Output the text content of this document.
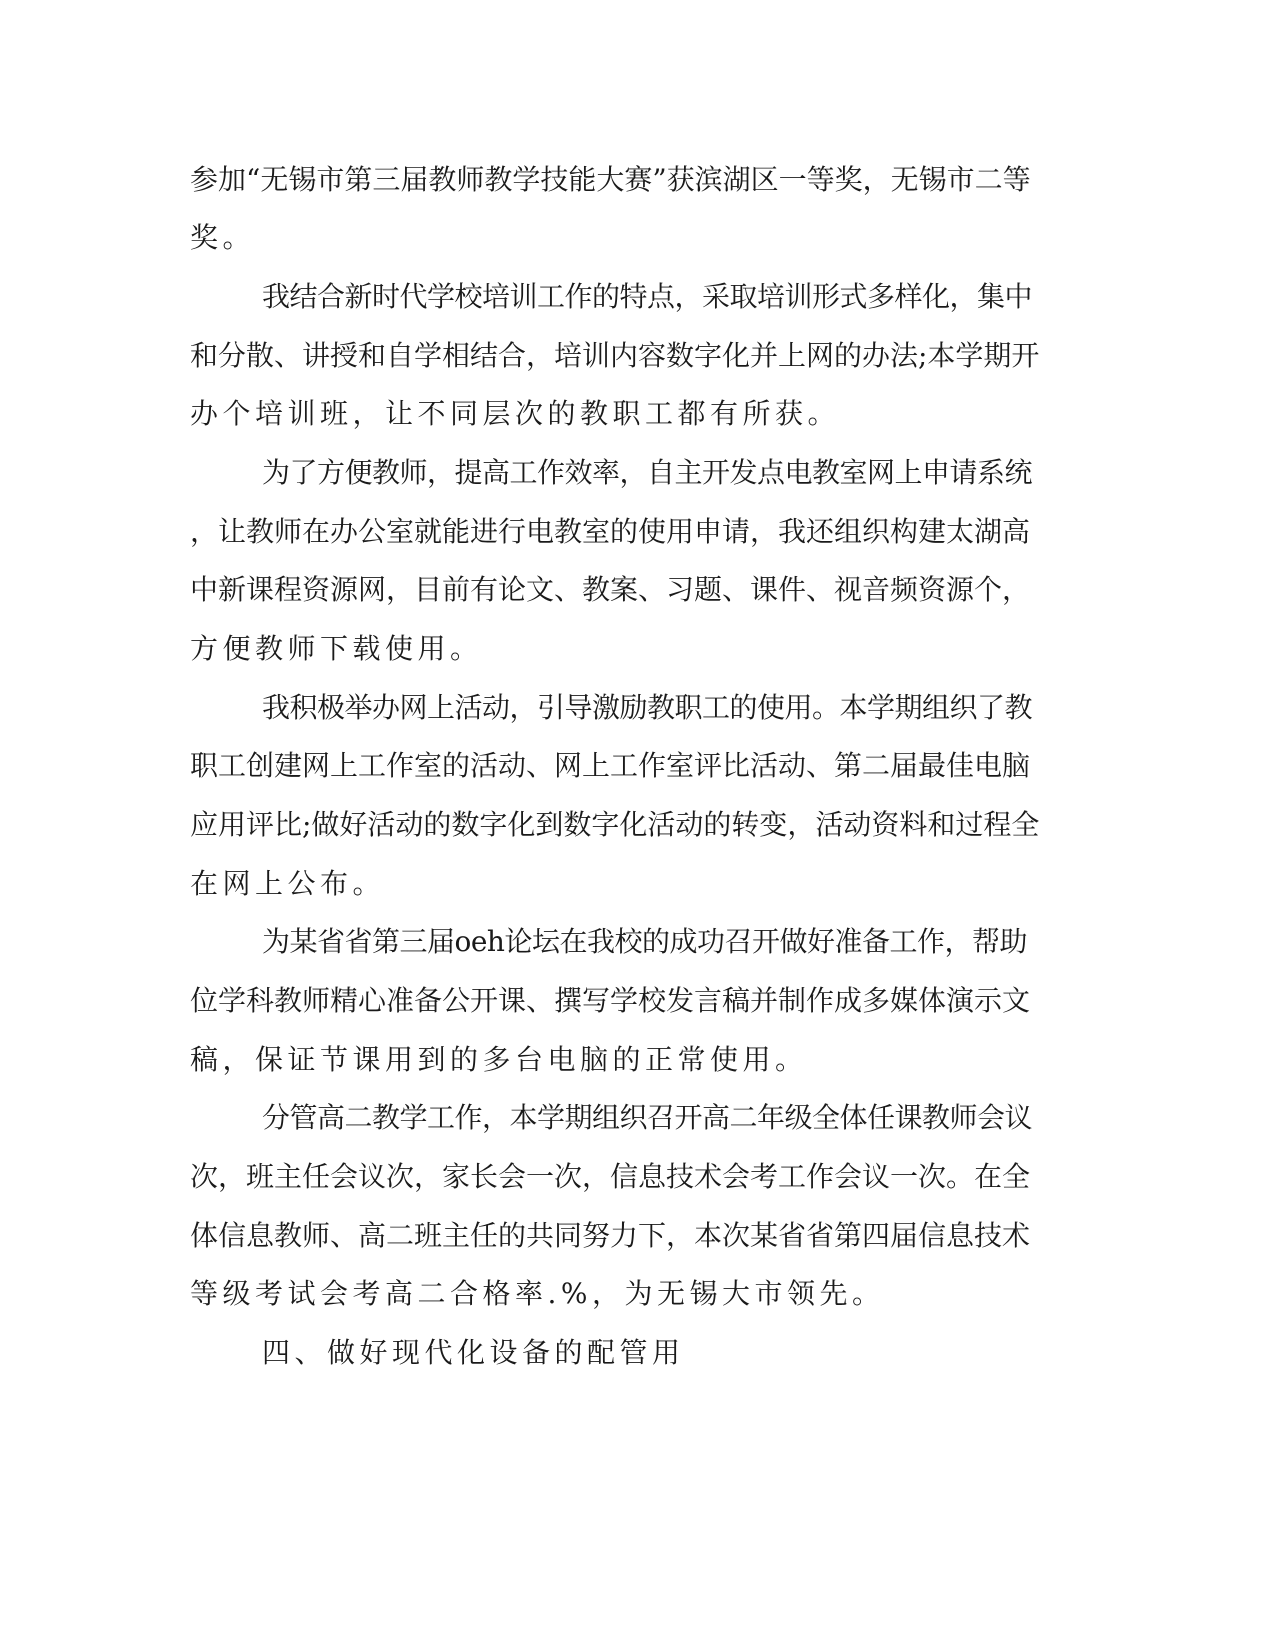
参加“无锡市第三届教师教学技能大赛”获滨湖区一等奖，无锡市二等
奖。
我结合新时代学校培训工作的特点，采取培训形式多样化，集中
和分散、讲授和自学相结合，培训内容数字化并上网的办法;本学期开
办个培训班，让不同层次的教职工都有所获。
为了方便教师，提高工作效率，自主开发点电教室网上申请系统
，让教师在办公室就能进行电教室的使用申请，我还组织构建太湖高
中新课程资源网，目前有论文、教案、习题、课件、视音频资源个，
方便教师下载使用。
我积极举办网上活动，引导激励教职工的使用。本学期组织了教
职工创建网上工作室的活动、网上工作室评比活动、第二届最佳电脑
应用评比;做好活动的数字化到数字化活动的转变，活动资料和过程全
在网上公布。
为某省省第三届oeh论坛在我校的成功召开做好准备工作，帮助
位学科教师精心准备公开课、撰写学校发言稿并制作成多媒体演示文
稿，保证节课用到的多台电脑的正常使用。
分管高二教学工作，本学期组织召开高二年级全体任课教师会议
次，班主任会议次，家长会一次，信息技术会考工作会议一次。在全
体信息教师、高二班主任的共同努力下，本次某省省第四届信息技术
等级考试会考高二合格率.%，为无锡大市领先。
四、做好现代化设备的配管用
